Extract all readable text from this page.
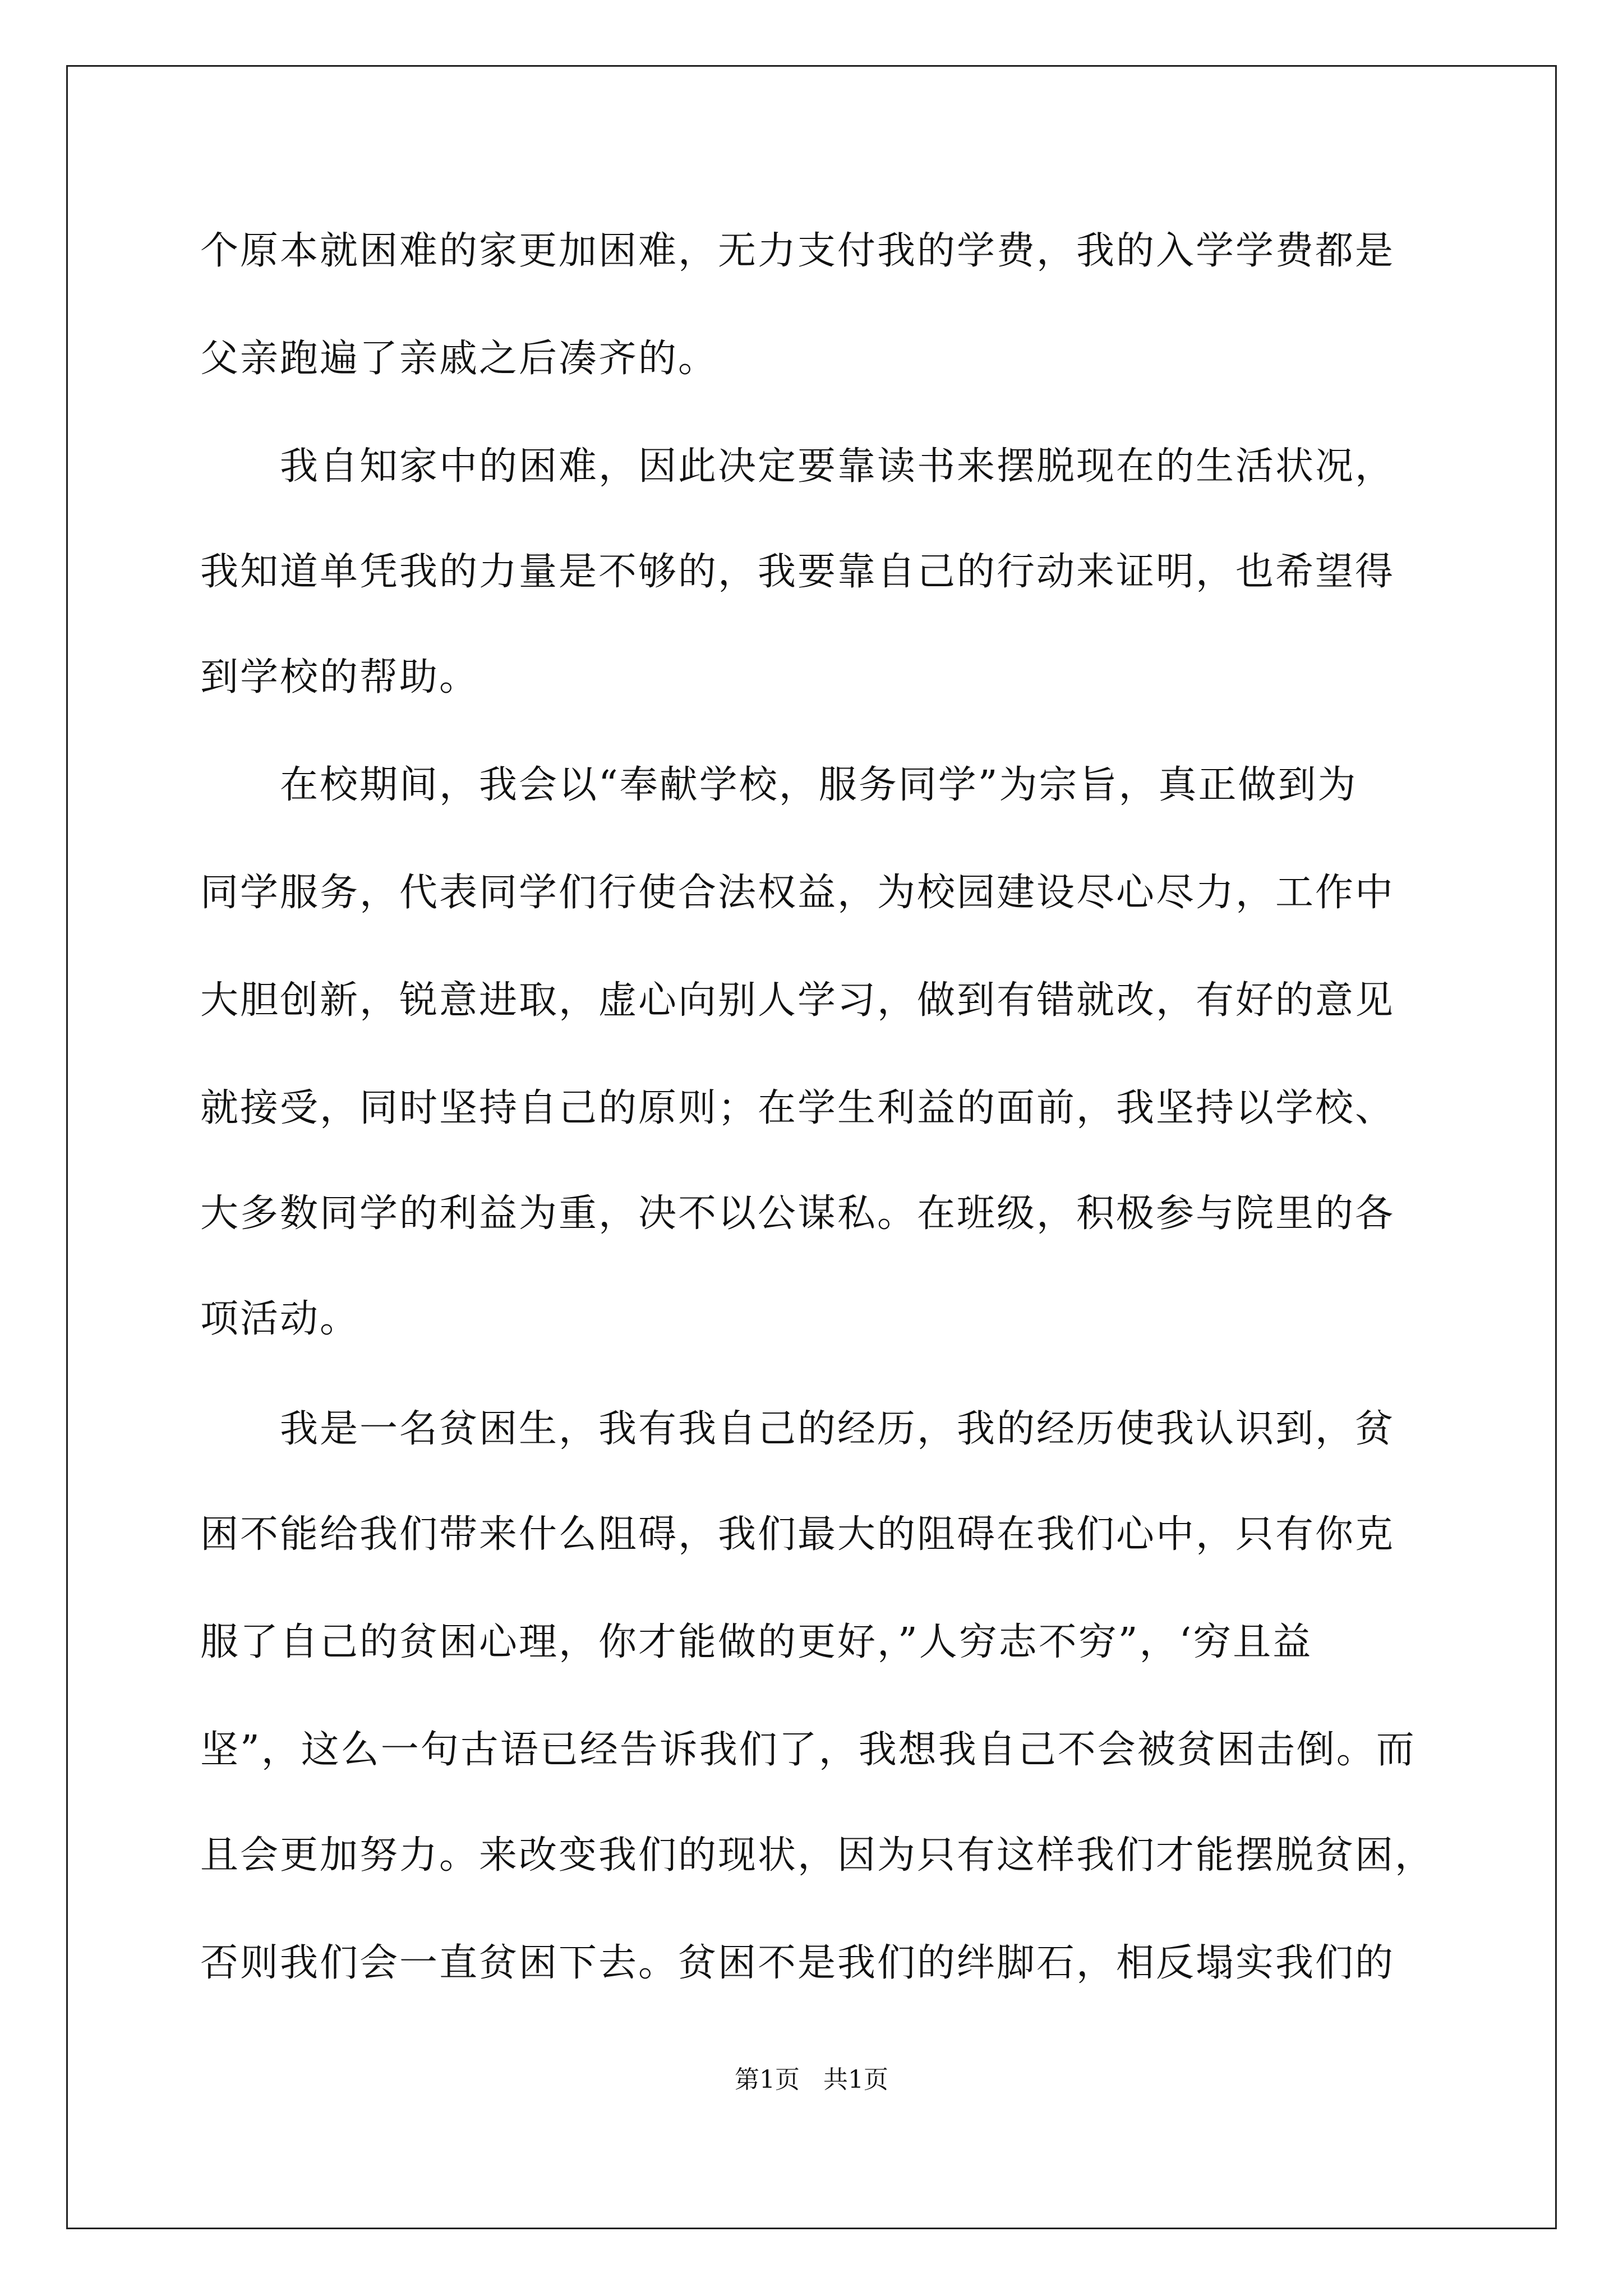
个原本就困难的家更加困难，无力支付我的学费，我的入学学费都是
父亲跑遍了亲戚之后凑齐的。
　　我自知家中的困难，因此决定要靠读书来摆脱现在的生活状况，
我知道单凭我的力量是不够的，我要靠自己的行动来证明，也希望得
到学校的帮助。
　　在校期间，我会以“奉献学校，服务同学”为宗旨，真正做到为
同学服务，代表同学们行使合法权益，为校园建设尽心尽力，工作中
大胆创新，锐意进取，虚心向别人学习，做到有错就改，有好的意见
就接受，同时坚持自己的原则；在学生利益的面前，我坚持以学校、
大多数同学的利益为重，决不以公谋私。在班级，积极参与院里的各
项活动。
　　我是一名贫困生，我有我自己的经历，我的经历使我认识到，贫
困不能给我们带来什么阻碍，我们最大的阻碍在我们心中，只有你克
服了自己的贫困心理，你才能做的更好，”人穷志不穷”，‘穷且益
坚”，这么一句古语已经告诉我们了，我想我自己不会被贫困击倒。而
且会更加努力。来改变我们的现状，因为只有这样我们才能摆脱贫困，
否则我们会一直贫困下去。贫困不是我们的绊脚石，相反塌实我们的
第1页   共1页
